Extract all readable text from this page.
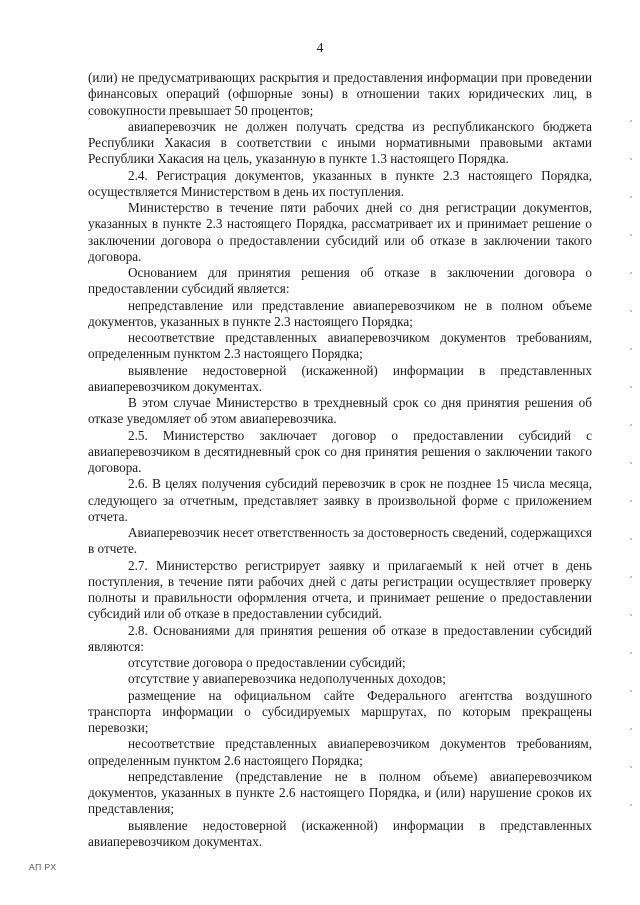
4

(или) не предусматривающих раскрытия и предоставления информации при проведении финансовых операций (офшорные зоны) в отношении таких юридических лиц, в совокупности превышает 50 процентов;

авиаперевозчик не должен получать средства из республиканского бюджета Республики Хакасия в соответствии с иными нормативными правовыми актами Республики Хакасия на цель, указанную в пункте 1.3 настоящего Порядка.

2.4. Регистрация документов, указанных в пункте 2.3 настоящего Порядка, осуществляется Министерством в день их поступления.

Министерство в течение пяти рабочих дней со дня регистрации документов, указанных в пункте 2.3 настоящего Порядка, рассматривает их и принимает решение о заключении договора о предоставлении субсидий или об отказе в заключении такого договора.

Основанием для принятия решения об отказе в заключении договора о предоставлении субсидий является:

непредставление или представление авиаперевозчиком не в полном объеме документов, указанных в пункте 2.3 настоящего Порядка;

несоответствие представленных авиаперевозчиком документов требованиям, определенным пунктом 2.3 настоящего Порядка;

выявление недостоверной (искаженной) информации в представленных авиаперевозчиком документах.

В этом случае Министерство в трехдневный срок со дня принятия решения об отказе уведомляет об этом авиаперевозчика.

2.5. Министерство заключает договор о предоставлении субсидий с авиаперевозчиком в десятидневный срок со дня принятия решения о заключении такого договора.

2.6. В целях получения субсидий перевозчик в срок не позднее 15 числа месяца, следующего за отчетным, представляет заявку в произвольной форме с приложением отчета.

Авиаперевозчик несет ответственность за достоверность сведений, содержащихся в отчете.

2.7. Министерство регистрирует заявку и прилагаемый к ней отчет в день поступления, в течение пяти рабочих дней с даты регистрации осуществляет проверку полноты и правильности оформления отчета, и принимает решение о предоставлении субсидий или об отказе в предоставлении субсидий.

2.8. Основаниями для принятия решения об отказе в предоставлении субсидий являются:

отсутствие договора о предоставлении субсидий;

отсутствие у авиаперевозчика недополученных доходов;

размещение на официальном сайте Федерального агентства воздушного транспорта информации о субсидируемых маршрутах, по которым прекращены перевозки;

несоответствие представленных авиаперевозчиком документов требованиям, определенным пунктом 2.6 настоящего Порядка;

непредставление (представление не в полном объеме) авиаперевозчиком документов, указанных в пункте 2.6 настоящего Порядка, и (или) нарушение сроков их представления;

выявление недостоверной (искаженной) информации в представленных авиаперевозчиком документах.

АП РХ
